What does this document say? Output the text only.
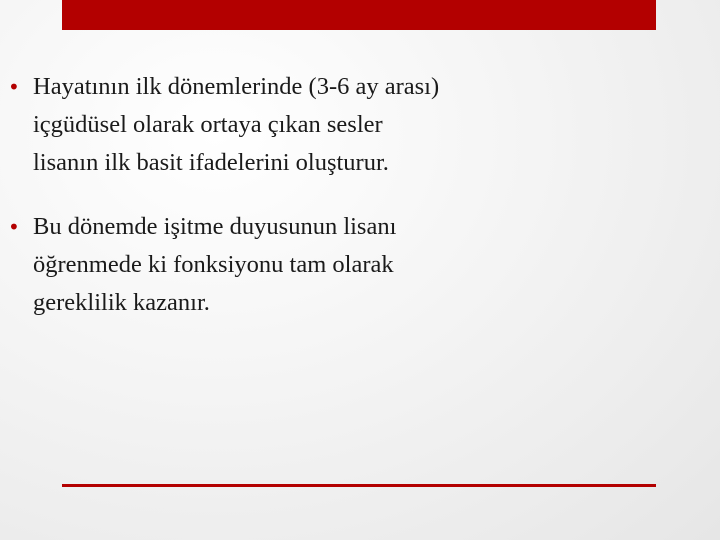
• Hayatının ilk dönemlerinde (3-6 ay arası)
içgüdüsel olarak ortaya çıkan sesler
lisanın ilk basit ifadelerini oluşturur.
• Bu dönemde işitme duyusunun lisanı
öğrenmede ki fonksiyonu tam olarak
gereklilik kazanır.
